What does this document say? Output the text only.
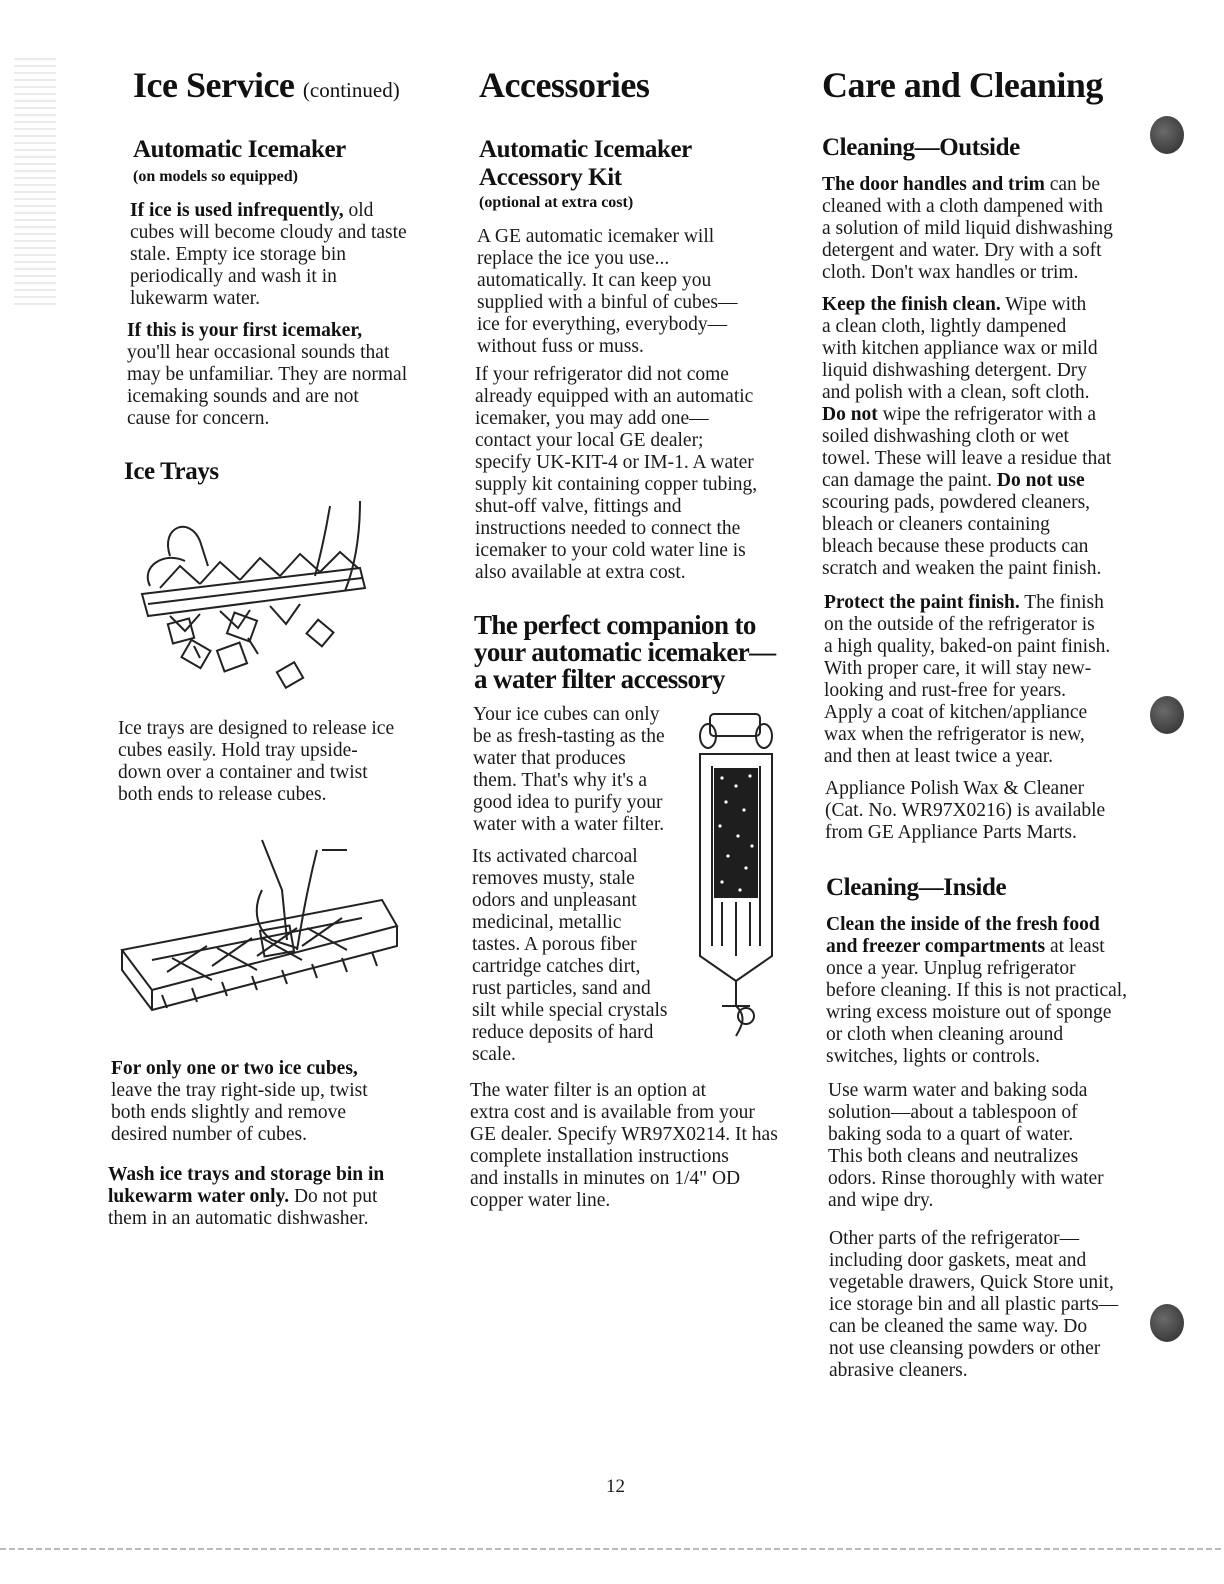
Ice Service (continued)
Automatic Icemaker
(on models so equipped)
If ice is used infrequently, old
cubes will become cloudy and taste
stale. Empty ice storage bin
periodically and wash it in
lukewarm water.
If this is your first icemaker,
you'll hear occasional sounds that
may be unfamiliar. They are normal
icemaking sounds and are not
cause for concern.
Ice Trays
Ice trays are designed to release ice
cubes easily. Hold tray upside-
down over a container and twist
both ends to release cubes.
For only one or two ice cubes,
leave the tray right-side up, twist
both ends slightly and remove
desired number of cubes.
Wash ice trays and storage bin in
lukewarm water only. Do not put
them in an automatic dishwasher.
Accessories
Automatic Icemaker
Accessory Kit
(optional at extra cost)
A GE automatic icemaker will
replace the ice you use...
automatically. It can keep you
supplied with a binful of cubes—
ice for everything, everybody—
without fuss or muss.
If your refrigerator did not come
already equipped with an automatic
icemaker, you may add one—
contact your local GE dealer;
specify UK-KIT-4 or IM-1. A water
supply kit containing copper tubing,
shut-off valve, fittings and
instructions needed to connect the
icemaker to your cold water line is
also available at extra cost.
The perfect companion to
your automatic icemaker—
a water filter accessory
Your ice cubes can only
be as fresh-tasting as the
water that produces
them. That's why it's a
good idea to purify your
water with a water filter.
Its activated charcoal
removes musty, stale
odors and unpleasant
medicinal, metallic
tastes. A porous fiber
cartridge catches dirt,
rust particles, sand and
silt while special crystals
reduce deposits of hard
scale.
The water filter is an option at
extra cost and is available from your
GE dealer. Specify WR97X0214. It has
complete installation instructions
and installs in minutes on 1/4" OD
copper water line.
Care and Cleaning
Cleaning—Outside
The door handles and trim can be
cleaned with a cloth dampened with
a solution of mild liquid dishwashing
detergent and water. Dry with a soft
cloth. Don't wax handles or trim.
Keep the finish clean. Wipe with
a clean cloth, lightly dampened
with kitchen appliance wax or mild
liquid dishwashing detergent. Dry
and polish with a clean, soft cloth.
Do not wipe the refrigerator with a
soiled dishwashing cloth or wet
towel. These will leave a residue that
can damage the paint. Do not use
scouring pads, powdered cleaners,
bleach or cleaners containing
bleach because these products can
scratch and weaken the paint finish.
Protect the paint finish. The finish
on the outside of the refrigerator is
a high quality, baked-on paint finish.
With proper care, it will stay new-
looking and rust-free for years.
Apply a coat of kitchen/appliance
wax when the refrigerator is new,
and then at least twice a year.
Appliance Polish Wax & Cleaner
(Cat. No. WR97X0216) is available
from GE Appliance Parts Marts.
Cleaning—Inside
Clean the inside of the fresh food
and freezer compartments at least
once a year. Unplug refrigerator
before cleaning. If this is not practical,
wring excess moisture out of sponge
or cloth when cleaning around
switches, lights or controls.
Use warm water and baking soda
solution—about a tablespoon of
baking soda to a quart of water.
This both cleans and neutralizes
odors. Rinse thoroughly with water
and wipe dry.
Other parts of the refrigerator—
including door gaskets, meat and
vegetable drawers, Quick Store unit,
ice storage bin and all plastic parts—
can be cleaned the same way. Do
not use cleansing powders or other
abrasive cleaners.
12
